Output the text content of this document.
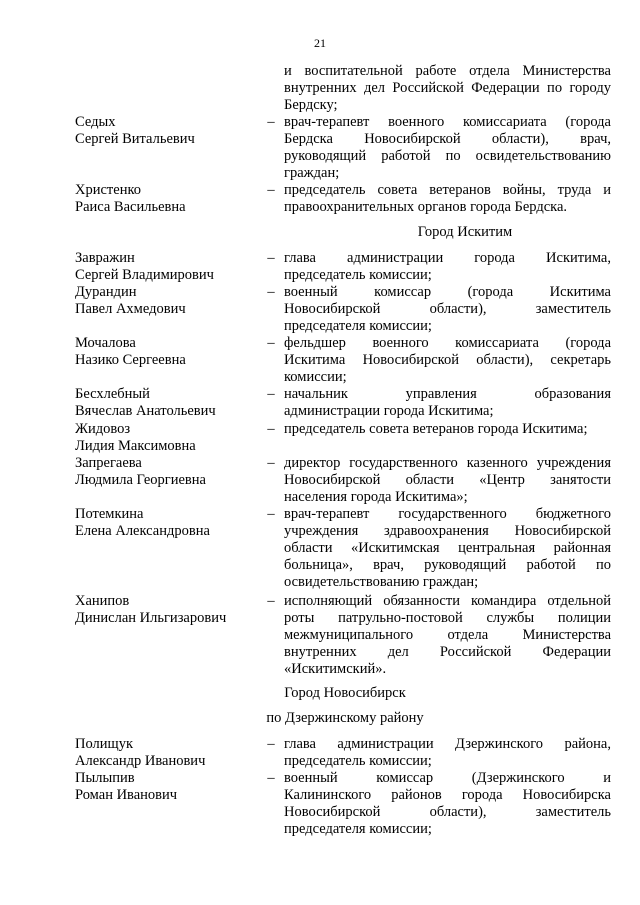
21
и воспитательной работе отдела Министерства
внутренних дел Российской Федерации по городу
Бердску;
Седых
Сергей Витальевич
– врач-терапевт военного комиссариата (города
Бердска Новосибирской области), врач,
руководящий работой по освидетельствованию
граждан;
Христенко
Раиса Васильевна
– председатель совета ветеранов войны, труда и
правоохранительных органов города Бердска.
Город Искитим
Завражин
Сергей Владимирович
– глава администрации города Искитима,
председатель комиссии;
Дурандин
Павел Ахмедович
– военный комиссар (города Искитима
Новосибирской области), заместитель
председателя комиссии;
Мочалова
Назико Сергеевна
– фельдшер военного комиссариата (города
Искитима Новосибирской области), секретарь
комиссии;
Бесхлебный
Вячеслав Анатольевич
– начальник управления образования
администрации города Искитима;
Жидовоз
Лидия Максимовна
– председатель совета ветеранов города Искитима;
Запрегаева
Людмила Георгиевна
– директор государственного казенного учреждения
Новосибирской области «Центр занятости
населения города Искитима»;
Потемкина
Елена Александровна
– врач-терапевт государственного бюджетного
учреждения здравоохранения Новосибирской
области «Искитимская центральная районная
больница», врач, руководящий работой по
освидетельствованию граждан;
Ханипов
Динислан Ильгизарович
– исполняющий обязанности командира отдельной
роты патрульно-постовой службы полиции
межмуниципального отдела Министерства
внутренних дел Российской Федерации
«Искитимский».
Город Новосибирск
по Дзержинскому району
Полищук
Александр Иванович
– глава администрации Дзержинского района,
председатель комиссии;
Пылыпив
Роман Иванович
– военный комиссар (Дзержинского и
Калининского районов города Новосибирска
Новосибирской области), заместитель
председателя комиссии;
